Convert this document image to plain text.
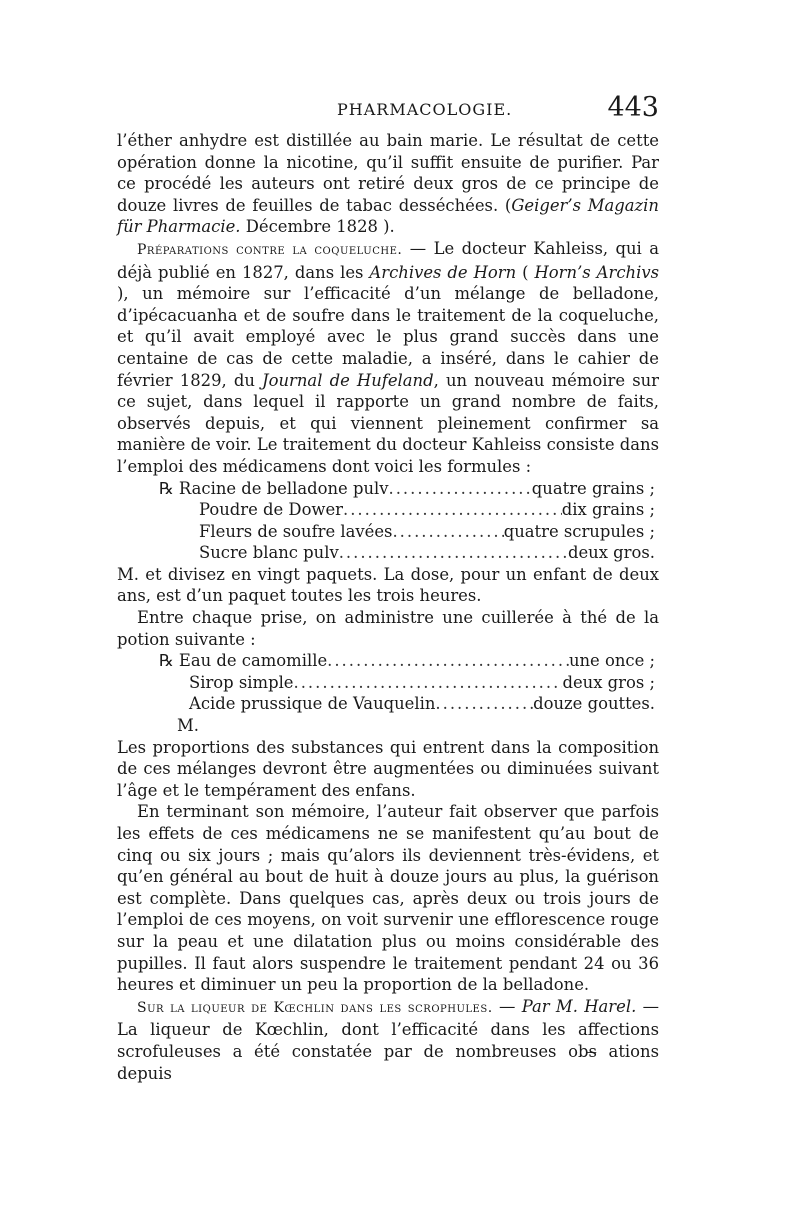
PHARMACOLOGIE.	443

l’éther anhydre est distillée au bain marie. Le résultat de cette opération donne la nicotine, qu’il suffit ensuite de purifier. Par ce procédé les auteurs ont retiré deux gros de ce principe de douze livres de feuilles de tabac desséchées. (Geiger’s Magazin für Pharmacie. Décembre 1828 ).

Préparations contre la coqueluche. — Le docteur Kahleiss, qui a déjà publié en 1827, dans les Archives de Horn ( Horn’s Archivs ), un mémoire sur l’efficacité d’un mélange de belladone, d’ipécacuanha et de soufre dans le traitement de la coqueluche, et qu’il avait employé avec le plus grand succès dans une centaine de cas de cette maladie, a inséré, dans le cahier de février 1829, du Journal de Hufeland, un nouveau mémoire sur ce sujet, dans lequel il rapporte un grand nombre de faits, observés depuis, et qui viennent pleinement confirmer sa manière de voir. Le traitement du docteur Kahleiss consiste dans l’emploi des médicamens dont voici les formules :

℞ Racine de belladone pulv .....	quatre grains ;
Poudre de Dower .....	dix grains ;
Fleurs de soufre lavées .....	quatre scrupules ;
Sucre blanc pulv .....	deux gros.

M. et divisez en vingt paquets. La dose, pour un enfant de deux ans, est d’un paquet toutes les trois heures.

Entre chaque prise, on administre une cuillerée à thé de la potion suivante :

℞ Eau de camomille .....	une once ;
Sirop simple .....	deux gros ;
Acide prussique de Vauquelin .....	douze gouttes.
M.

Les proportions des substances qui entrent dans la composition de ces mélanges devront être augmentées ou diminuées suivant l’âge et le tempérament des enfans.

En terminant son mémoire, l’auteur fait observer que parfois les effets de ces médicamens ne se manifestent qu’au bout de cinq ou six jours ; mais qu’alors ils deviennent très-évidens, et qu’en général au bout de huit à douze jours au plus, la guérison est complète. Dans quelques cas, après deux ou trois jours de l’emploi de ces moyens, on voit survenir une efflorescence rouge sur la peau et une dilatation plus ou moins considérable des pupilles. Il faut alors suspendre le traitement pendant 24 ou 36 heures et diminuer un peu la proportion de la belladone.

Sur la liqueur de Kœchlin dans les scrophules. — Par M. Harel. — La liqueur de Kœchlin, dont l’efficacité dans les affections scrofuleuses a été constatée par de nombreuses obs̶ ations depuis
